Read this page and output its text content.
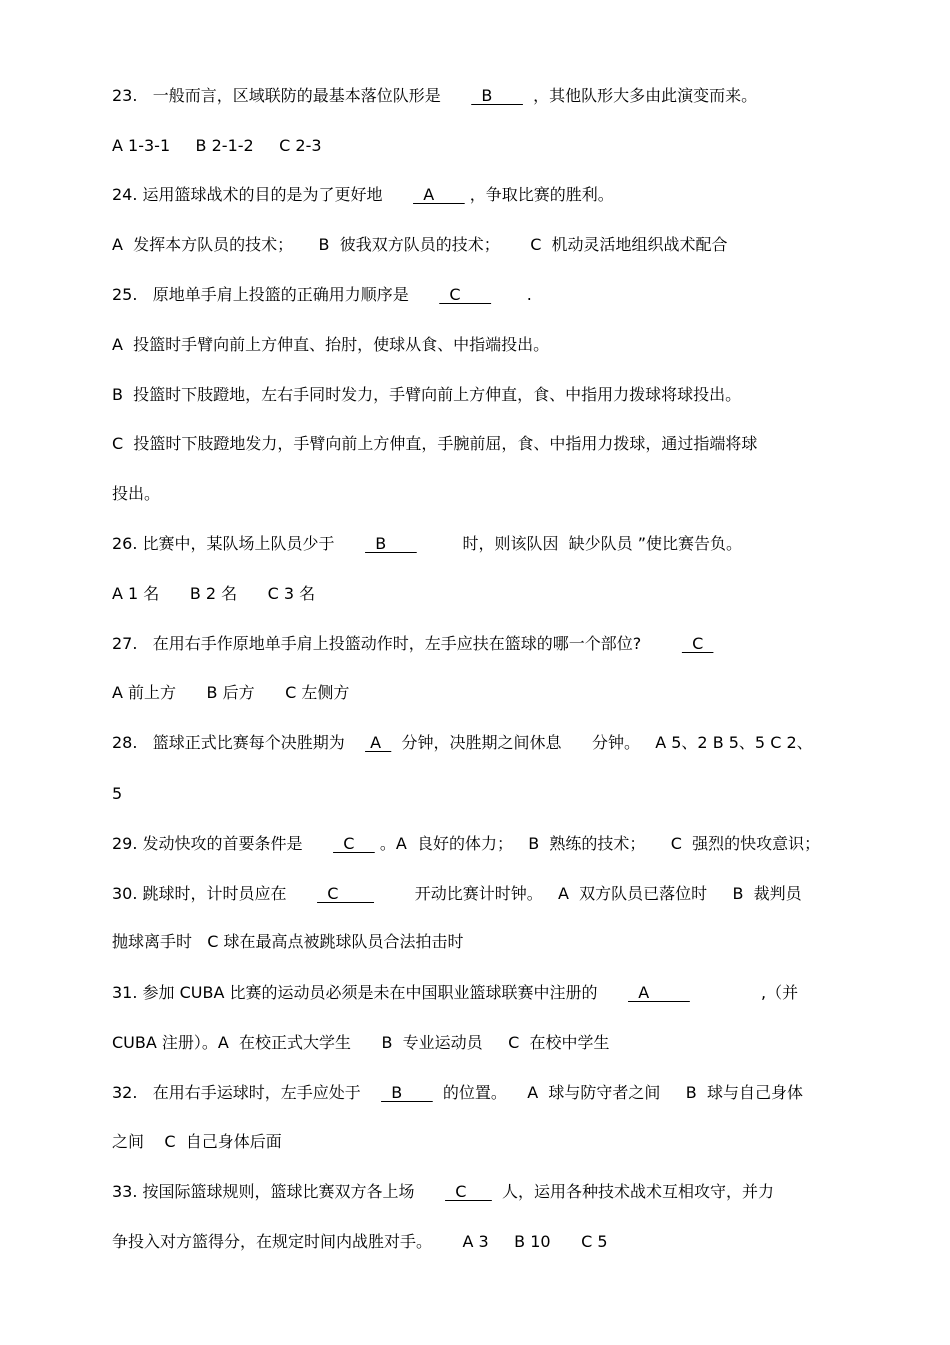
23.   一般而言，区域联防的最基本落位队形是        B        ，其他队形大多由此演变而来。
A 1-3-1     B 2-1-2     C 2-3
24. 运用篮球战术的目的是为了更好地        A       ，争取比赛的胜利。
A  发挥本方队员的技术；     B  彼我双方队员的技术；      C  机动灵活地组织战术配合
25.   原地单手肩上投篮的正确用力顺序是        C             .
A  投篮时手臂向前上方伸直、抬肘，使球从食、中指端投出。
B  投篮时下肢蹬地，左右手同时发力，手臂向前上方伸直，食、中指用力拨球将球投出。
C  投篮时下肢蹬地发力，手臂向前上方伸直，手腕前屈，食、中指用力拨球，通过指端将球
投出。
26. 比赛中，某队场上队员少于        B               时，则该队因  缺少队员 ”使比赛告负。
A 1 名      B 2 名      C 3 名
27.   在用右手作原地单手肩上投篮动作时，左手应扶在篮球的哪一个部位?          C
A 前上方      B 后方      C 左侧方
28.   篮球正式比赛每个决胜期为     A    分钟，决胜期之间休息      分钟。   A 5、2 B 5、5 C 2、
5
29. 发动快攻的首要条件是        C     。A  良好的体力；   B  熟练的技术；     C  强烈的快攻意识；
30. 跳球时，计时员应在        C               开动比赛计时钟。   A  双方队员已落位时     B  裁判员
抛球离手时   C 球在最高点被跳球队员合法拍击时
31. 参加 CUBA 比赛的运动员必须是未在中国职业篮球联赛中注册的        A                      ,（并
CUBA 注册）。A  在校正式大学生      B  专业运动员     C  在校中学生
32.   在用右手运球时，左手应处于      B        的位置。    A  球与防守者之间     B  球与自己身体
之间    C  自己身体后面
33. 按国际篮球规则，篮球比赛双方各上场        C       人，运用各种技术战术互相攻守，并力
争投入对方篮得分，在规定时间内战胜对手。      A 3     B 10      C 5
